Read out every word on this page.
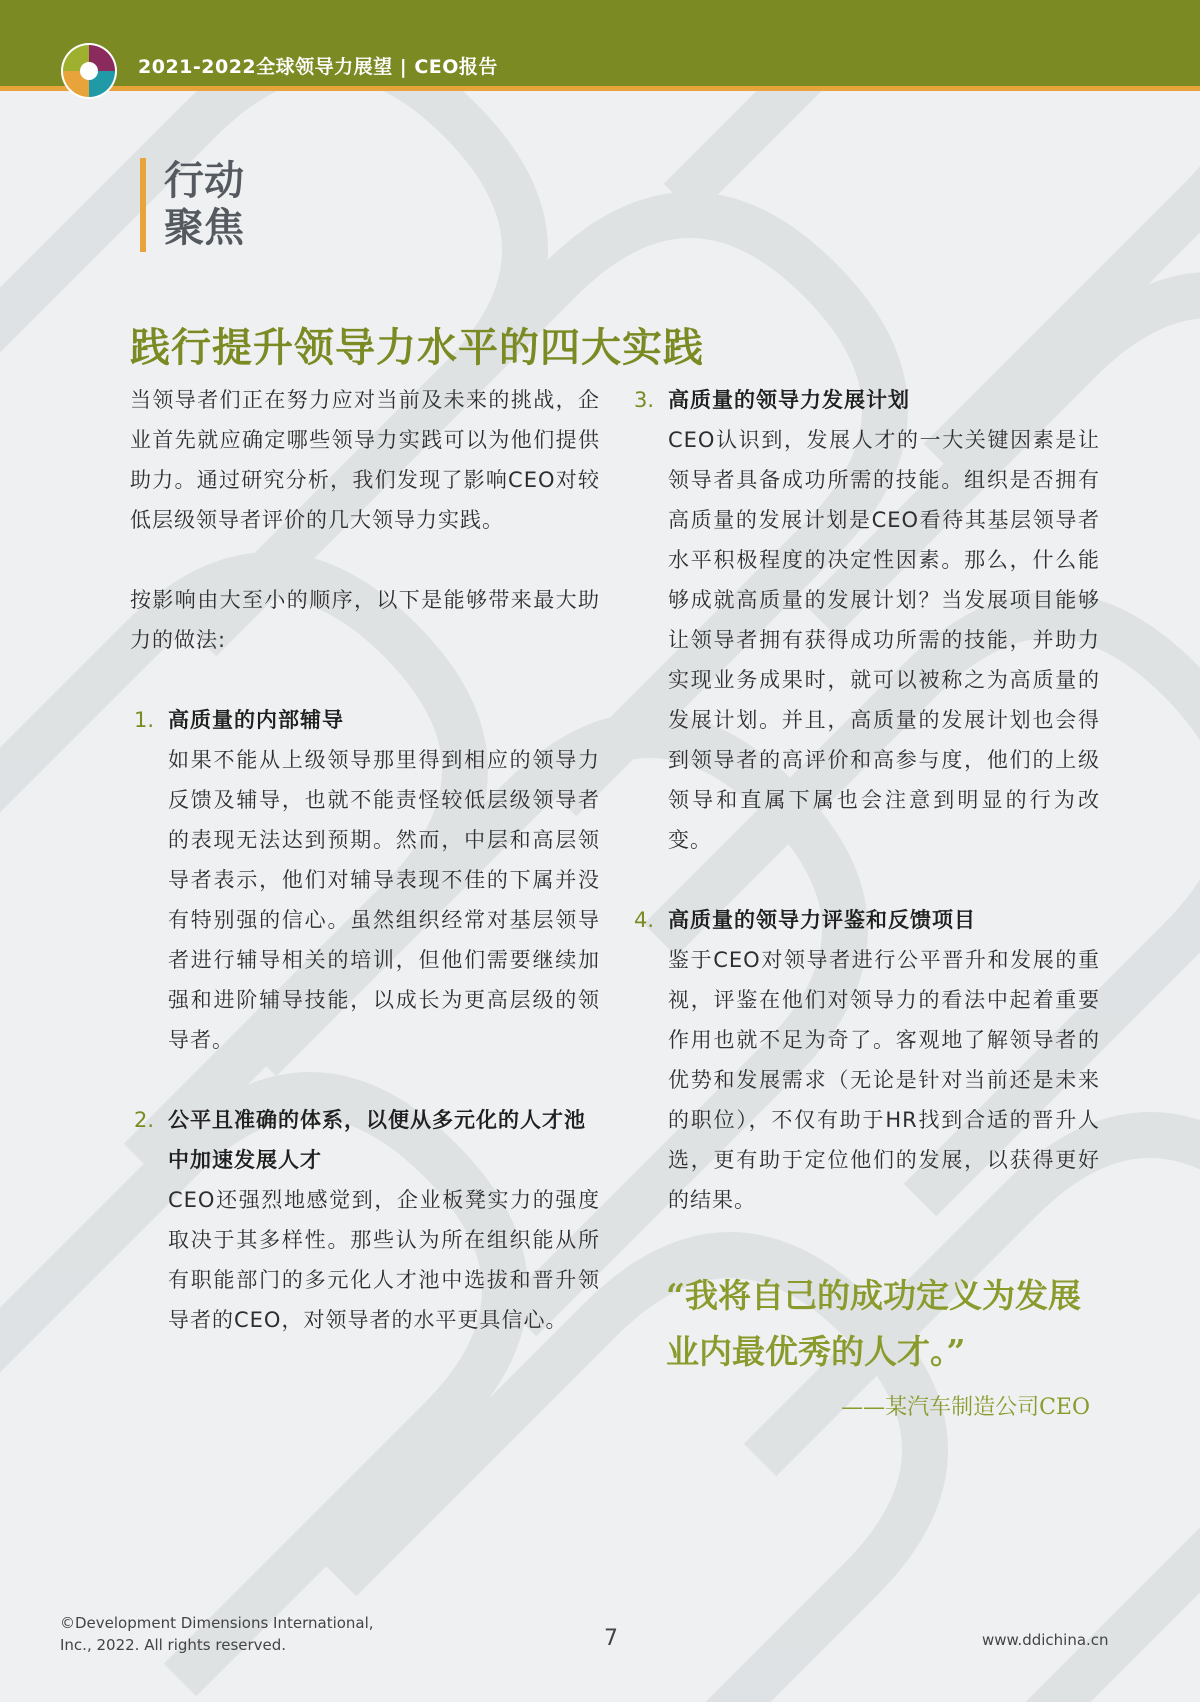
2021-2022全球领导力展望 | CEO报告
行动
聚焦
践行提升领导力水平的四大实践

当领导者们正在努力应对当前及未来的挑战，企业首先就应确定哪些领导力实践可以为他们提供助力。通过研究分析，我们发现了影响CEO对较低层级领导者评价的几大领导力实践。

按影响由大至小的顺序，以下是能够带来最大助力的做法:

1. 高质量的内部辅导

如果不能从上级领导那里得到相应的领导力反馈及辅导，也就不能责怪较低层级领导者的表现无法达到预期。然而，中层和高层领导者表示，他们对辅导表现不佳的下属并没有特别强的信心。虽然组织经常对基层领导者进行辅导相关的培训，但他们需要继续加强和进阶辅导技能，以成长为更高层级的领导者。

2. 公平且准确的体系，以便从多元化的人才池中加速发展人才

CEO还强烈地感觉到，企业板凳实力的强度取决于其多样性。那些认为所在组织能从所有职能部门的多元化人才池中选拔和晋升领导者的CEO，对领导者的水平更具信心。

3. 高质量的领导力发展计划

CEO认识到，发展人才的一大关键因素是让领导者具备成功所需的技能。组织是否拥有高质量的发展计划是CEO看待其基层领导者水平积极程度的决定性因素。那么，什么能够成就高质量的发展计划？当发展项目能够让领导者拥有获得成功所需的技能，并助力实现业务成果时，就可以被称之为高质量的发展计划。并且，高质量的发展计划也会得到领导者的高评价和高参与度，他们的上级领导和直属下属也会注意到明显的行为改变。

4. 高质量的领导力评鉴和反馈项目

鉴于CEO对领导者进行公平晋升和发展的重视，评鉴在他们对领导力的看法中起着重要作用也就不足为奇了。客观地了解领导者的优势和发展需求（无论是针对当前还是未来的职位），不仅有助于HR找到合适的晋升人选，更有助于定位他们的发展，以获得更好的结果。

“我将自己的成功定义为发展业内最优秀的人才。”

——某汽车制造公司CEO

©Development Dimensions International,
Inc., 2022. All rights reserved.	7	www.ddichina.cn
